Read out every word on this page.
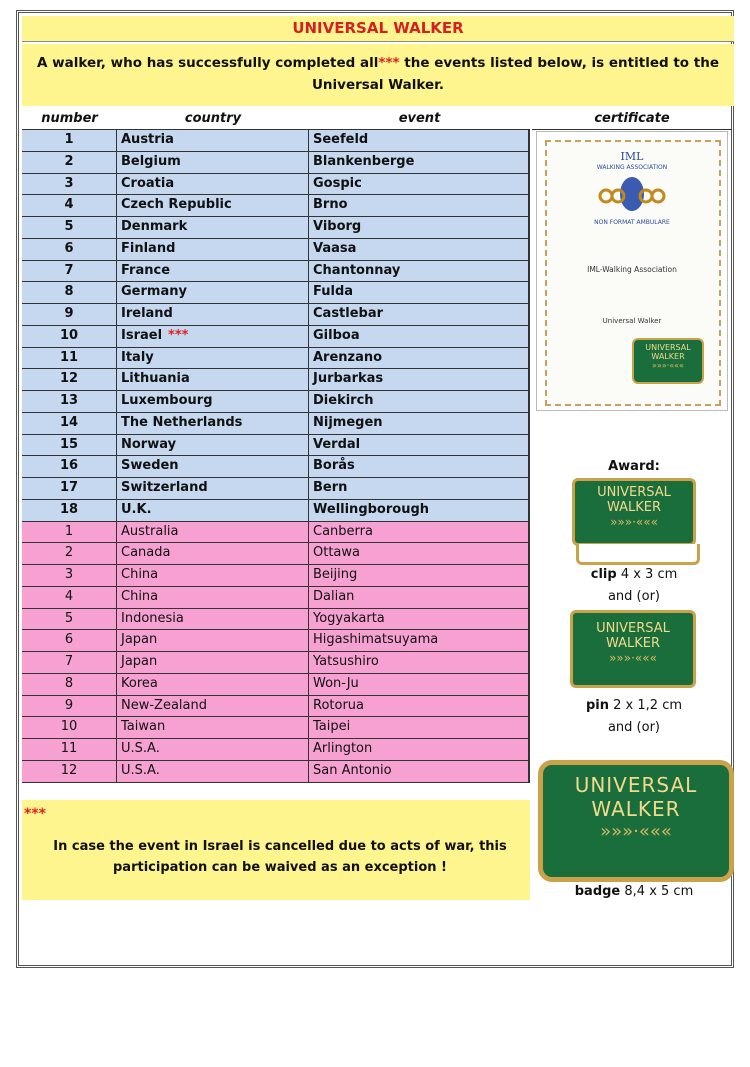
UNIVERSAL WALKER
A walker, who has successfully completed all*** the events listed below, is entitled to the Universal Walker.
number	country	event	certificate
1	Austria	Seefeld
2	Belgium	Blankenberge
3	Croatia	Gospic
4	Czech Republic	Brno
5	Denmark	Viborg
6	Finland	Vaasa
7	France	Chantonnay
8	Germany	Fulda
9	Ireland	Castlebar
10	Israel ***	Gilboa
11	Italy	Arenzano
12	Lithuania	Jurbarkas
13	Luxembourg	Diekirch
14	The Netherlands	Nijmegen
15	Norway	Verdal
16	Sweden	Borås
17	Switzerland	Bern
18	U.K.	Wellingborough
1	Australia	Canberra
2	Canada	Ottawa
3	China	Beijing
4	China	Dalian
5	Indonesia	Yogyakarta
6	Japan	Higashimatsuyama
7	Japan	Yatsushiro
8	Korea	Won-Ju
9	New-Zealand	Rotorua
10	Taiwan	Taipei
11	U.S.A.	Arlington
12	U.S.A.	San Antonio
IML
WALKING ASSOCIATION
NON FORMAT AMBULARE
IML-Walking Association
Universal Walker
UNIVERSAL
WALKER
»»»·«««
Award:
UNIVERSAL
WALKER
»»»·«««
clip 4 x 3 cm
and (or)
UNIVERSAL
WALKER
»»»·«««
pin 2 x 1,2 cm
and (or)
UNIVERSAL
WALKER
»»»·«««
badge 8,4 x 5 cm
***
In case the event in Israel is cancelled due to acts of war, this participation can be waived as an exception !
